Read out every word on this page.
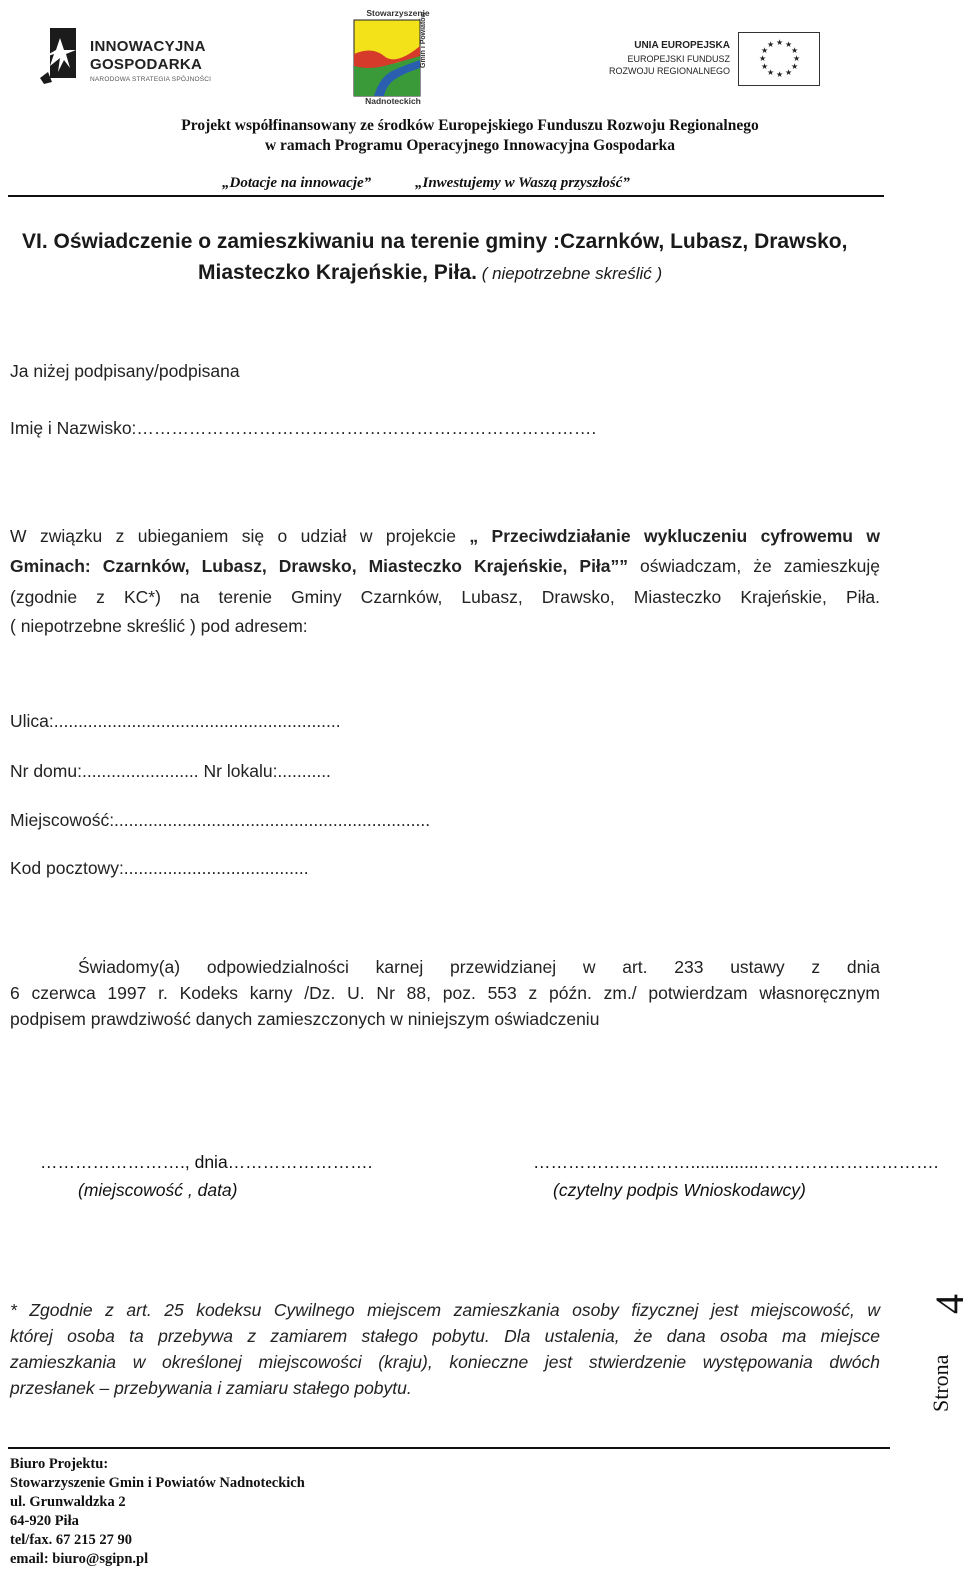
INNOWACYJNA
GOSPODARKA
NARODOWA STRATEGIA SPÓJNOŚCI
Stowarzyszenie
Gmin i Powiatów
Nadnoteckich
UNIA EUROPEJSKA
EUROPEJSKI FUNDUSZ
ROZWOJU REGIONALNEGO
★ ★
★
★
★
★
★
★
★
★
★
★
Projekt współfinansowany ze środków Europejskiego Funduszu Rozwoju Regionalnego
w ramach Programu Operacyjnego Innowacyjna Gospodarka
„Dotacje na innowacje”	„Inwestujemy w Waszą przyszłość”
VI. Oświadczenie o zamieszkiwaniu na terenie gminy :Czarnków, Lubasz, Drawsko,
Miasteczko Krajeńskie, Piła. ( niepotrzebne skreślić )
Ja niżej podpisany/podpisana
Imię i Nazwisko:…………………………………………………………………….
W związku z ubieganiem się o udział w projekcie „ Przeciwdziałanie wykluczeniu cyfrowemu w
Gminach: Czarnków, Lubasz, Drawsko, Miasteczko Krajeńskie, Piła”” oświadczam, że zamieszkuję
(zgodnie z KC*) na terenie Gminy Czarnków, Lubasz, Drawsko, Miasteczko Krajeńskie, Piła.
( niepotrzebne skreślić ) pod adresem:
Ulica:...........................................................
Nr domu:........................ Nr lokalu:...........
Miejscowość:.................................................................
Kod pocztowy:......................................
Świadomy(a) odpowiedzialności karnej przewidzianej w art. 233 ustawy z dnia
6 czerwca 1997 r. Kodeks karny /Dz. U. Nr 88, poz. 553 z późn. zm./ potwierdzam własnoręcznym
podpisem prawdziwość danych zamieszczonych w niniejszym oświadczeniu
……………………., dnia…………………….
(miejscowość , data)
………………………..............………………………….
(czytelny podpis Wnioskodawcy)
* Zgodnie z art. 25 kodeksu Cywilnego miejscem zamieszkania osoby fizycznej jest miejscowość, w
której osoba ta przebywa z zamiarem stałego pobytu. Dla ustalenia, że dana osoba ma miejsce
zamieszkania w określonej miejscowości (kraju), konieczne jest stwierdzenie występowania dwóch
przesłanek – przebywania i zamiaru stałego pobytu.	Strona
4
Biuro Projektu:
Stowarzyszenie Gmin i Powiatów Nadnoteckich
ul. Grunwaldzka 2
64-920 Piła
tel/fax. 67 215 27 90
email: biuro@sgipn.pl
